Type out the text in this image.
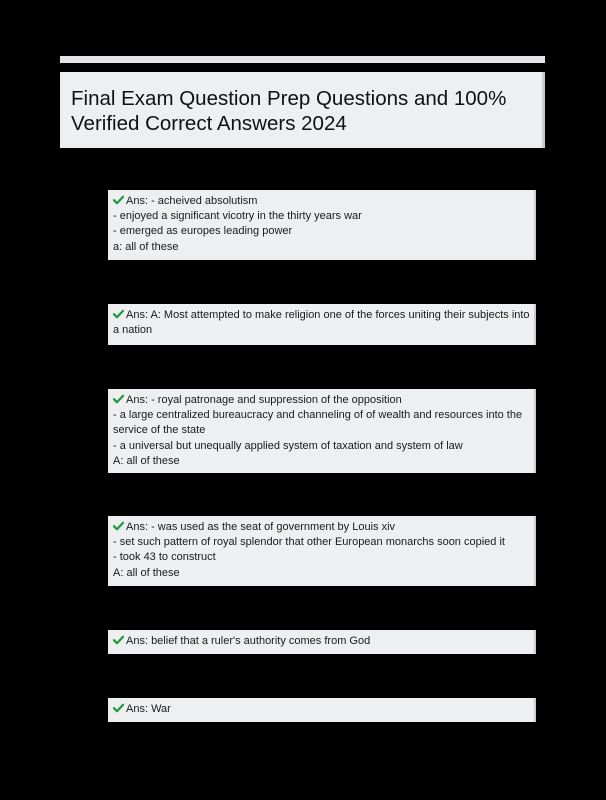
Final Exam Question Prep Questions and 100%
Verified Correct Answers 2024
Ans: - acheived absolutism
- enjoyed a significant vicotry in the thirty years war
- emerged as europes leading power
a: all of these
Ans: A: Most attempted to make religion one of the forces uniting their subjects into a nation
Ans: - royal patronage and suppression of the opposition
- a large centralized bureaucracy and channeling of of wealth and resources into the service of the state
- a universal but unequally applied system of taxation and system of law
A: all of these
Ans: - was used as the seat of government by Louis xiv
- set such pattern of royal splendor that other European monarchs soon copied it
- took 43 to construct
A: all of these
Ans: belief that a ruler's authority comes from God
Ans: War
